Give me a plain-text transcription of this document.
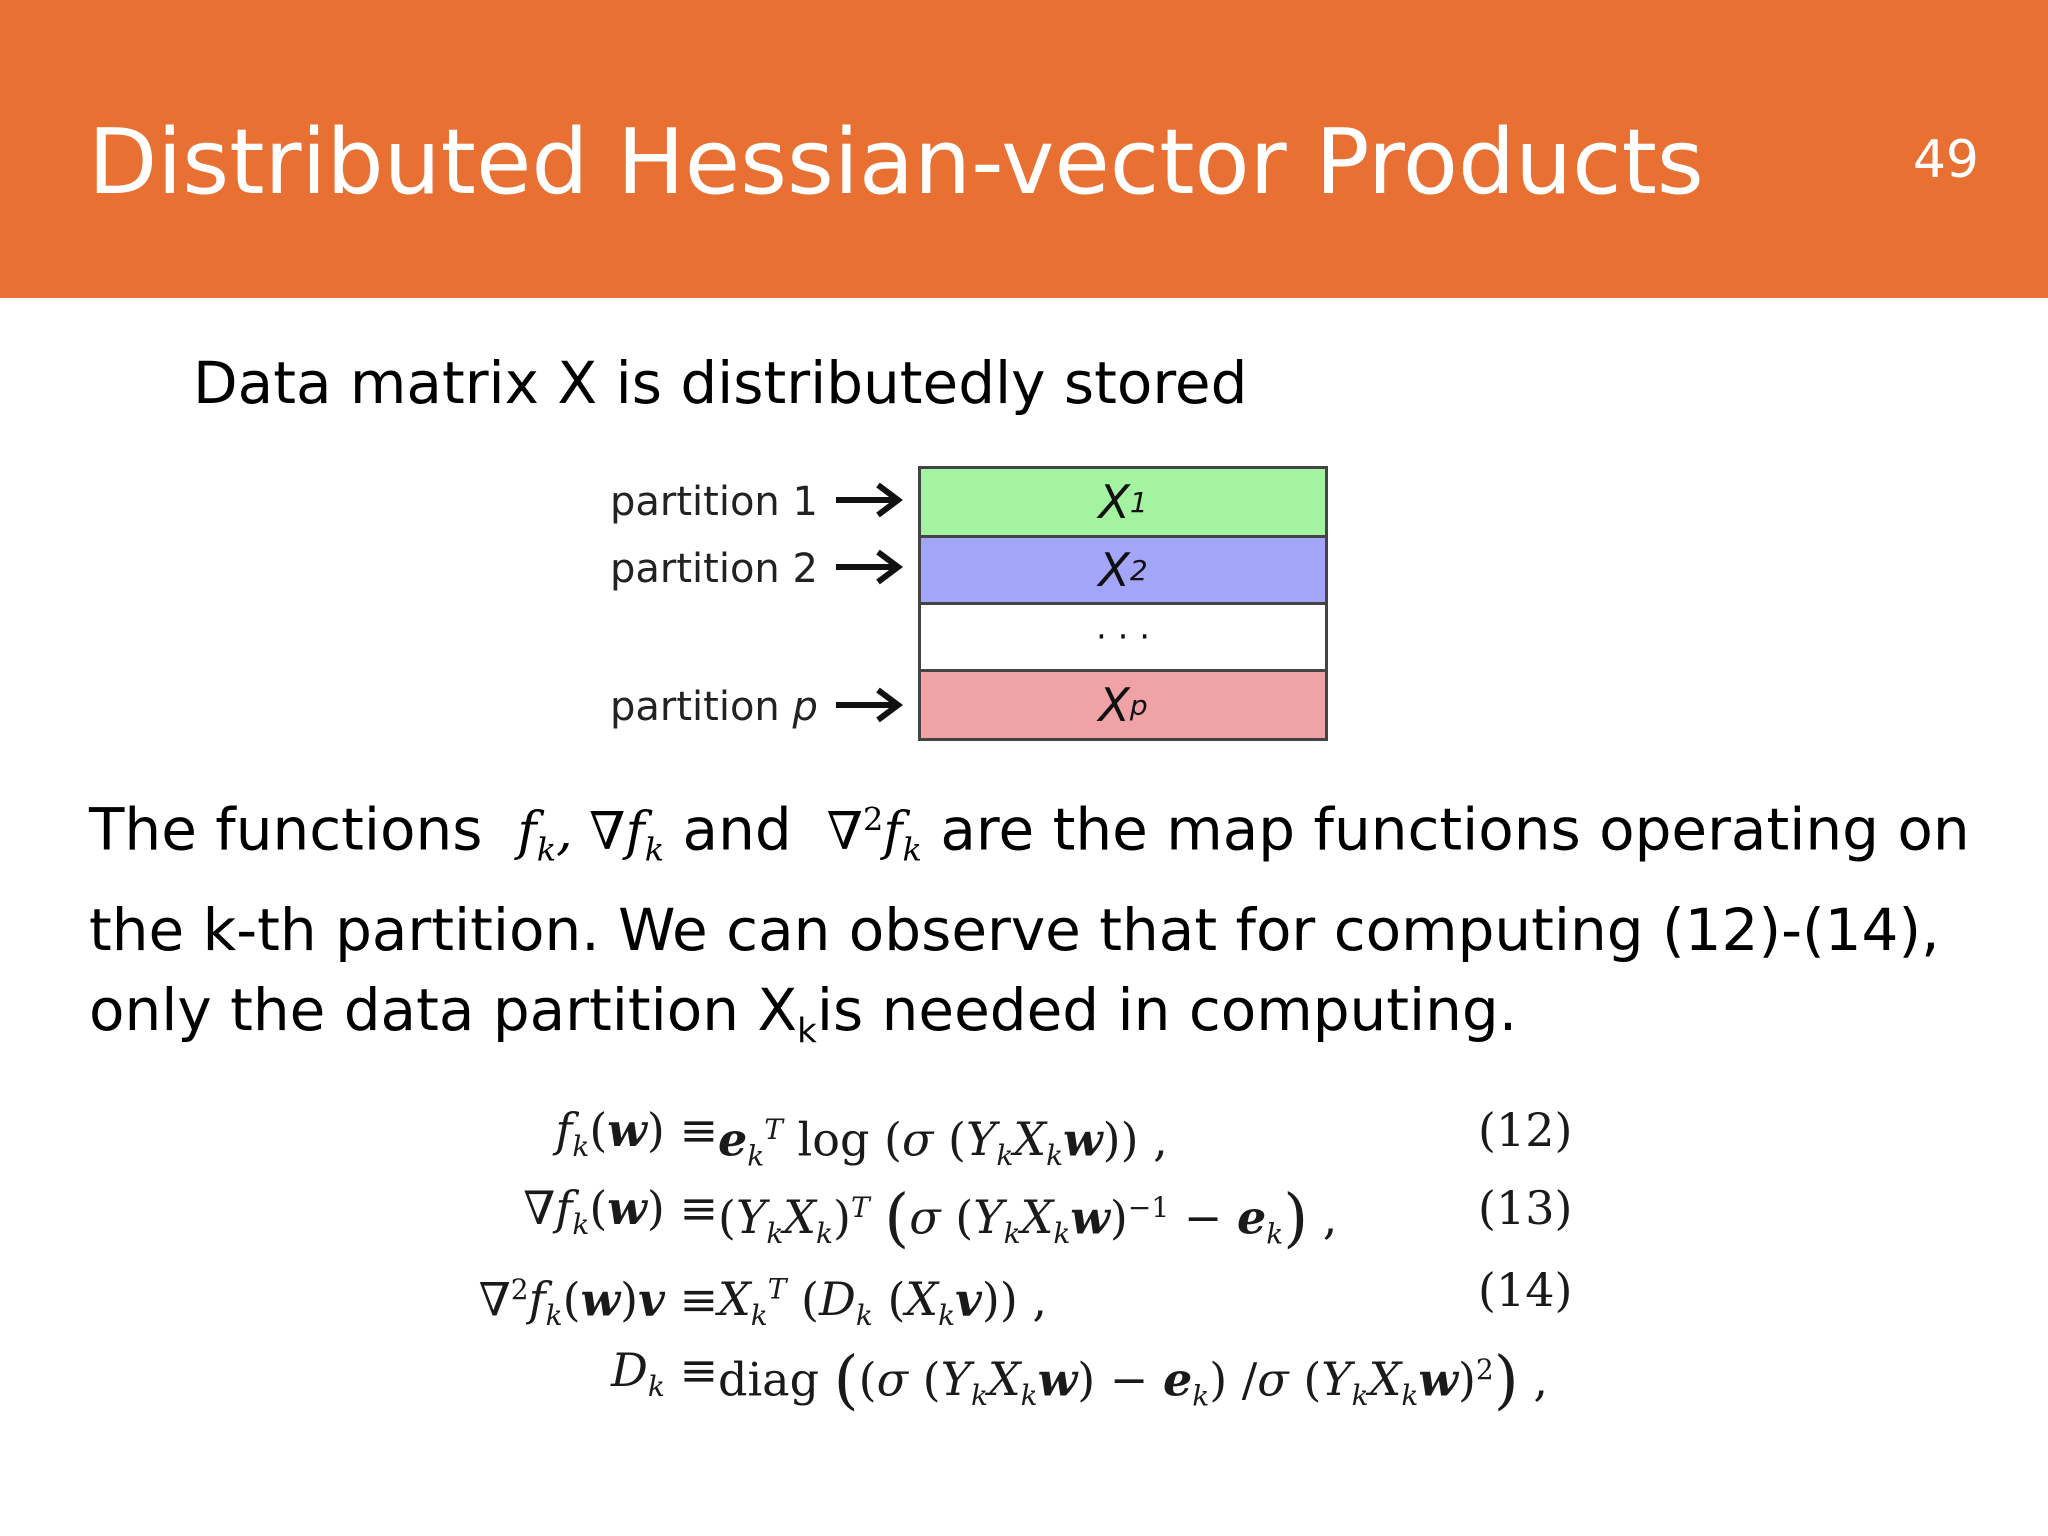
Distributed Hessian-vector Products	49
Data matrix X is distributedly stored
partition 1	X 1
partition 2	X 2
· · ·
partition p	X p
The functions  $f_k$, $\nabla f_k$ and $\nabla^2f_k$ are the map functions operating on the k-th partition. We can observe that for computing (12)-(14), only the data partition $X_kis$ needed in computing.
$f_k(w) \equiv e_k^T$ log (σ $(Y_kX_kw)$) ,	(12)
$\nabla f_k(w) \equiv (Y_kX_k)^T$ (σ $(Y_kX_kw)^{-1} - e_k$) ,	(13)
$\nabla^2f_k(w)v \equiv X_k^T$ ($D_k$ $(X_kv)$) ,	(14)
$D_k$ ≡ diag ((σ $(Y_kX_kw) - e_k$) /σ $(Y_kX_kw)^2$) ,
